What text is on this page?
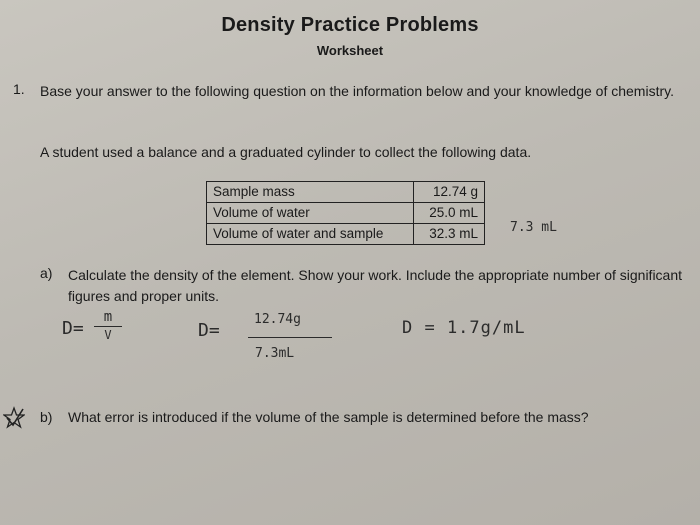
Density Practice Problems
Worksheet
1. Base your answer to the following question on the information below and your knowledge of chemistry.
A student used a balance and a graduated cylinder to collect the following data.
Sample mass	12.74 g
Volume of water	25.0 mL
Volume of water and sample	32.3 mL 7.3 mL
a) Calculate the density of the element. Show your work. Include the appropriate number of significant figures and proper units.
D=
m
V	D=
12.74g
7.3mL
D = 1.7g/mL
b) What error is introduced if the volume of the sample is determined before the mass?
